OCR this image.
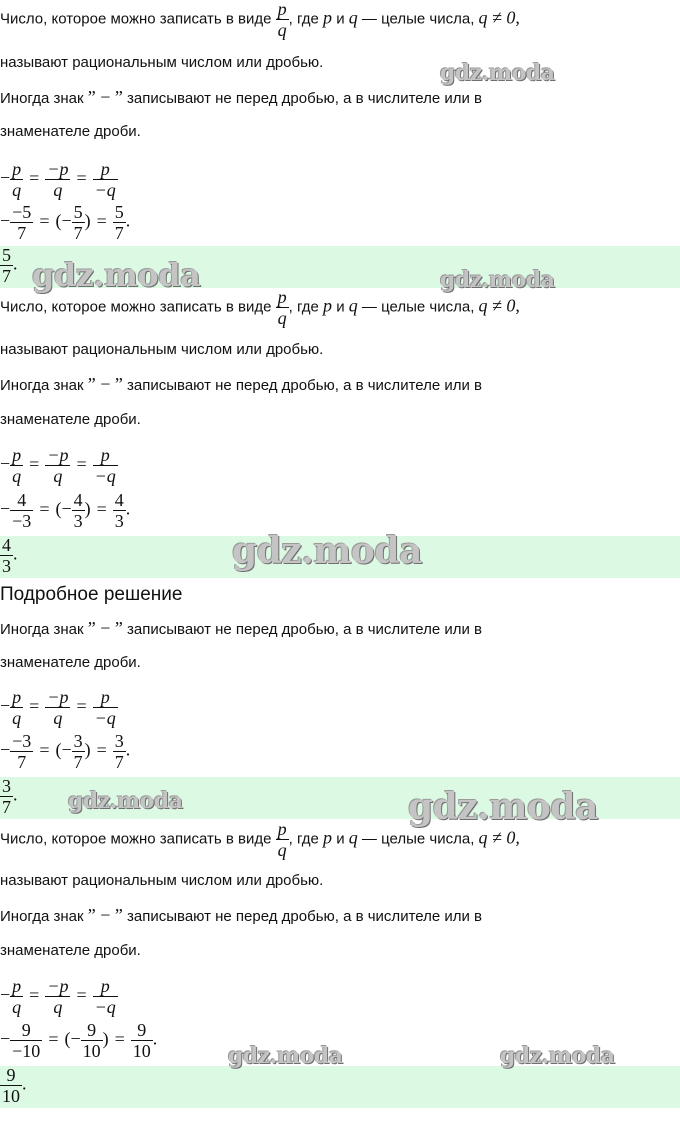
Число, которое можно записать в виде $\frac{p}{q}$ , где p и q — целые числа, q ≠ 0,
называют рациональным числом или дробью.
Иногда знак ” − ” записывают не перед дробью, а в числителе или в
знаменателе дроби.
− $\frac{p}{q} = \frac{-p}{q} = \frac{p}{-q}$
− $\frac{-5}{7}$ = (− $\frac{5}{7}$ ) = $\frac{5}{7}$ .
$\frac{5}{7}$ .
Число, которое можно записать в виде $\frac{p}{q}$ , где p и q — целые числа, q ≠ 0,
называют рациональным числом или дробью.
Иногда знак ” − ” записывают не перед дробью, а в числителе или в
знаменателе дроби.
− $\frac{p}{q} = \frac{-p}{q} = \frac{p}{-q}$
− $\frac{4}{-3}$ = (− $\frac{4}{3}$ ) = $\frac{4}{3}$ .
$\frac{4}{3}$ .
Подробное решение
Иногда знак ” − ” записывают не перед дробью, а в числителе или в
знаменателе дроби.
− $\frac{p}{q} = \frac{-p}{q} = \frac{p}{-q}$
− $\frac{-3}{7}$ = (− $\frac{3}{7}$ ) = $\frac{3}{7}$ .
$\frac{3}{7}$ .
Число, которое можно записать в виде $\frac{p}{q}$ , где p и q — целые числа, q ≠ 0,
называют рациональным числом или дробью.
Иногда знак ” − ” записывают не перед дробью, а в числителе или в
знаменателе дроби.
− $\frac{p}{q} = \frac{-p}{q} = \frac{p}{-q}$
− $\frac{9}{-10}$ = (− $\frac{9}{10}$ ) = $\frac{9}{10}$ .
$\frac{9}{10}$ .
gdz.moda
gdz.moda	gdz.moda
gdz.moda
gdz.moda	gdz.moda
gdz.moda	gdz.moda
